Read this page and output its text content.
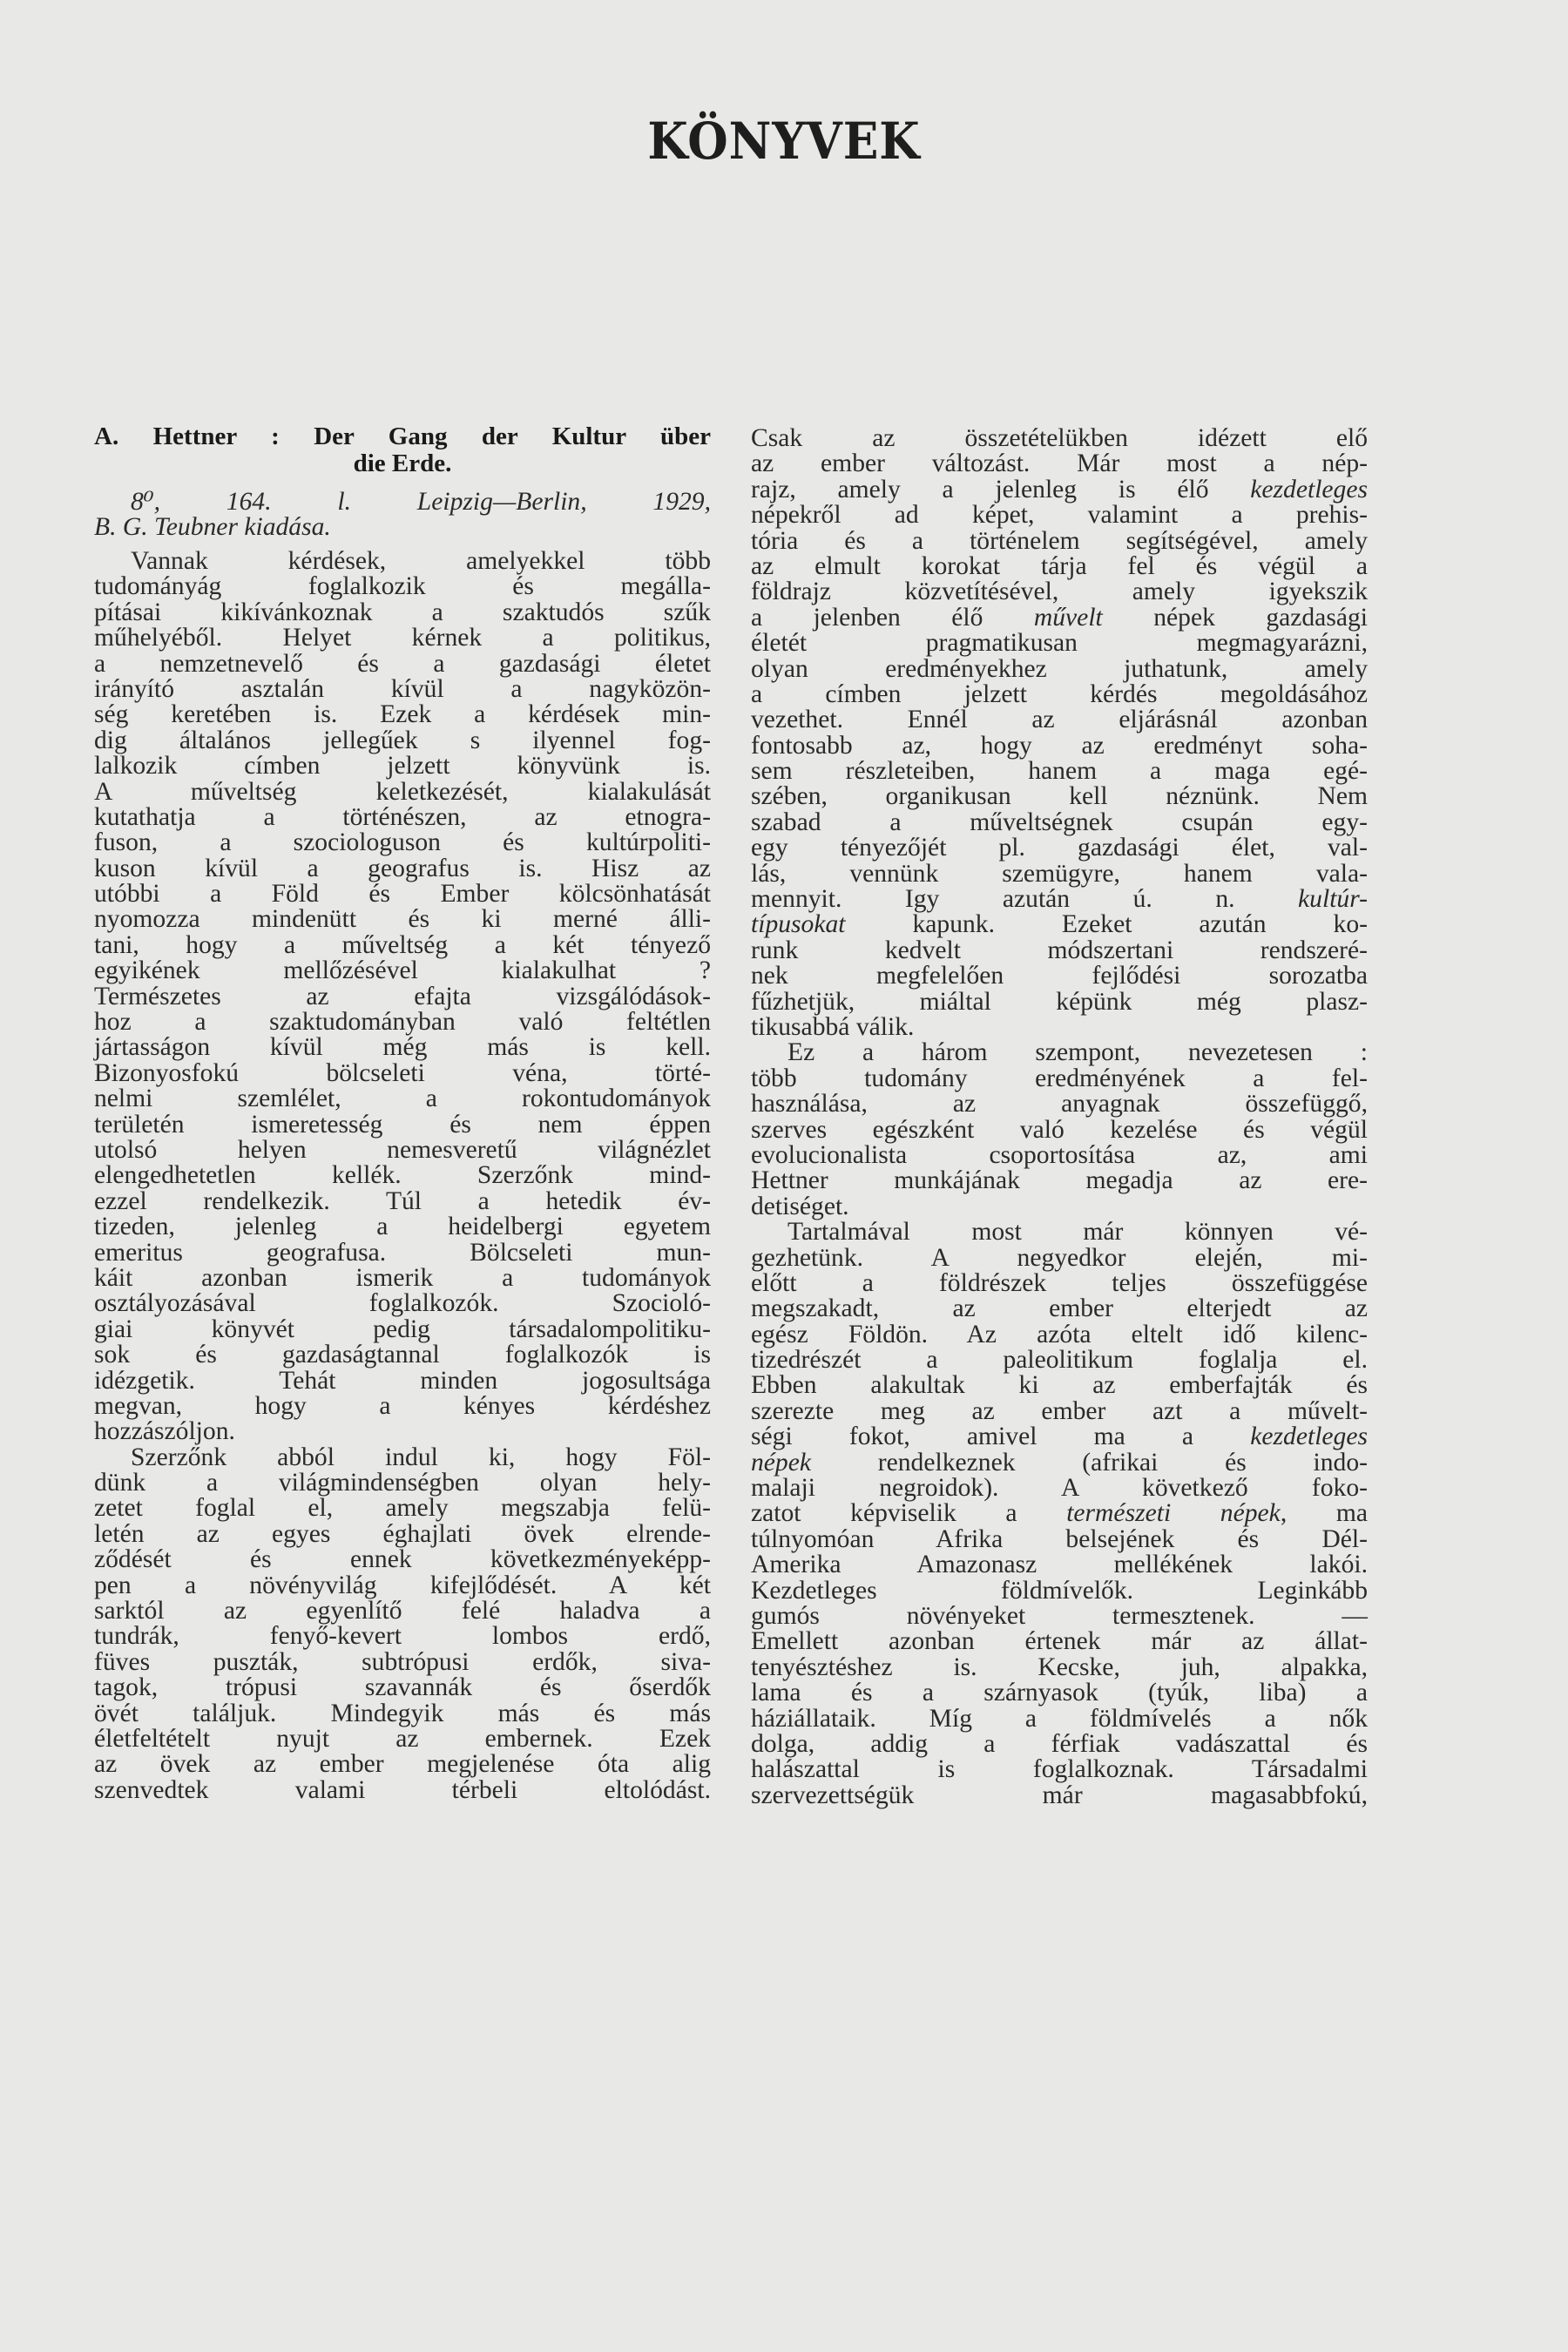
KÖNYVEK
A. Hettner : Der Gang der Kultur über
die Erde.
8⁰, 164. l. Leipzig—Berlin, 1929,
B. G. Teubner kiadása.
Vannak kérdések, amelyekkel több
tudományág foglalkozik és megálla-
pításai kikívánkoznak a szaktudós szűk
műhelyéből. Helyet kérnek a politikus,
a nemzetnevelő és a gazdasági életet
irányító asztalán kívül a nagyközön-
ség keretében is. Ezek a kérdések min-
dig általános jellegűek s ilyennel fog-
lalkozik címben jelzett könyvünk is.
A műveltség keletkezését, kialakulását
kutathatja a történészen, az etnogra-
fuson, a szociologuson és kultúrpoliti-
kuson kívül a geografus is. Hisz az
utóbbi a Föld és Ember kölcsönhatását
nyomozza mindenütt és ki merné álli-
tani, hogy a műveltség a két tényező
egyikének mellőzésével kialakulhat ?
Természetes az efajta vizsgálódások-
hoz a szaktudományban való feltétlen
jártasságon kívül még más is kell.
Bizonyosfokú bölcseleti véna, törté-
nelmi szemlélet, a rokontudományok
területén ismeretesség és nem éppen
utolsó helyen nemesveretű világnézlet
elengedhetetlen kellék. Szerzőnk mind-
ezzel rendelkezik. Túl a hetedik év-
tizeden, jelenleg a heidelbergi egyetem
emeritus geografusa. Bölcseleti mun-
káit azonban ismerik a tudományok
osztályozásával foglalkozók. Szocioló-
giai könyvét pedig társadalompolitiku-
sok és gazdaságtannal foglalkozók is
idézgetik. Tehát minden jogosultsága
megvan, hogy a kényes kérdéshez
hozzászóljon.
Szerzőnk abból indul ki, hogy Föl-
dünk a világmindenségben olyan hely-
zetet foglal el, amely megszabja felü-
letén az egyes éghajlati övek elrende-
ződését és ennek következményeképp-
pen a növényvilág kifejlődését. A két
sarktól az egyenlítő felé haladva a
tundrák, fenyő-kevert lombos erdő,
füves puszták, subtrópusi erdők, siva-
tagok, trópusi szavannák és őserdők
övét találjuk. Mindegyik más és más
életfeltételt nyujt az embernek. Ezek
az övek az ember megjelenése óta alig
szenvedtek valami térbeli eltolódást.
Csak az összetételükben idézett elő
az ember változást. Már most a nép-
rajz, amely a jelenleg is élő kezdetleges
népekről ad képet, valamint a prehis-
tória és a történelem segítségével, amely
az elmult korokat tárja fel és végül a
földrajz közvetítésével, amely igyekszik
a jelenben élő művelt népek gazdasági
életét pragmatikusan megmagyarázni,
olyan eredményekhez juthatunk, amely
a címben jelzett kérdés megoldásához
vezethet. Ennél az eljárásnál azonban
fontosabb az, hogy az eredményt soha-
sem részleteiben, hanem a maga egé-
szében, organikusan kell néznünk. Nem
szabad a műveltségnek csupán egy-
egy tényezőjét pl. gazdasági élet, val-
lás, vennünk szemügyre, hanem vala-
mennyit. Igy azután ú. n. kultúr-
típusokat kapunk. Ezeket azután ko-
runk kedvelt módszertani rendszeré-
nek megfelelően fejlődési sorozatba
fűzhetjük, miáltal képünk még plasz-
tikusabbá válik.
Ez a három szempont, nevezetesen :
több tudomány eredményének a fel-
használása, az anyagnak összefüggő,
szerves egészként való kezelése és végül
evolucionalista csoportosítása az, ami
Hettner munkájának megadja az ere-
detiséget.
Tartalmával most már könnyen vé-
gezhetünk. A negyedkor elején, mi-
előtt a földrészek teljes összefüggése
megszakadt, az ember elterjedt az
egész Földön. Az azóta eltelt idő kilenc-
tizedrészét a paleolitikum foglalja el.
Ebben alakultak ki az emberfajták és
szerezte meg az ember azt a művelt-
ségi fokot, amivel ma a kezdetleges
népek rendelkeznek (afrikai és indo-
malaji negroidok). A következő foko-
zatot képviselik a természeti népek, ma
túlnyomóan Afrika belsejének és Dél-
Amerika Amazonasz mellékének lakói.
Kezdetleges földmívelők. Leginkább
gumós növényeket termesztenek. —
Emellett azonban értenek már az állat-
tenyésztéshez is. Kecske, juh, alpakka,
lama és a szárnyasok (tyúk, liba) a
háziállataik. Míg a földmívelés a nők
dolga, addig a férfiak vadászattal és
halászattal is foglalkoznak. Társadalmi
szervezettségük már magasabbfokú,
